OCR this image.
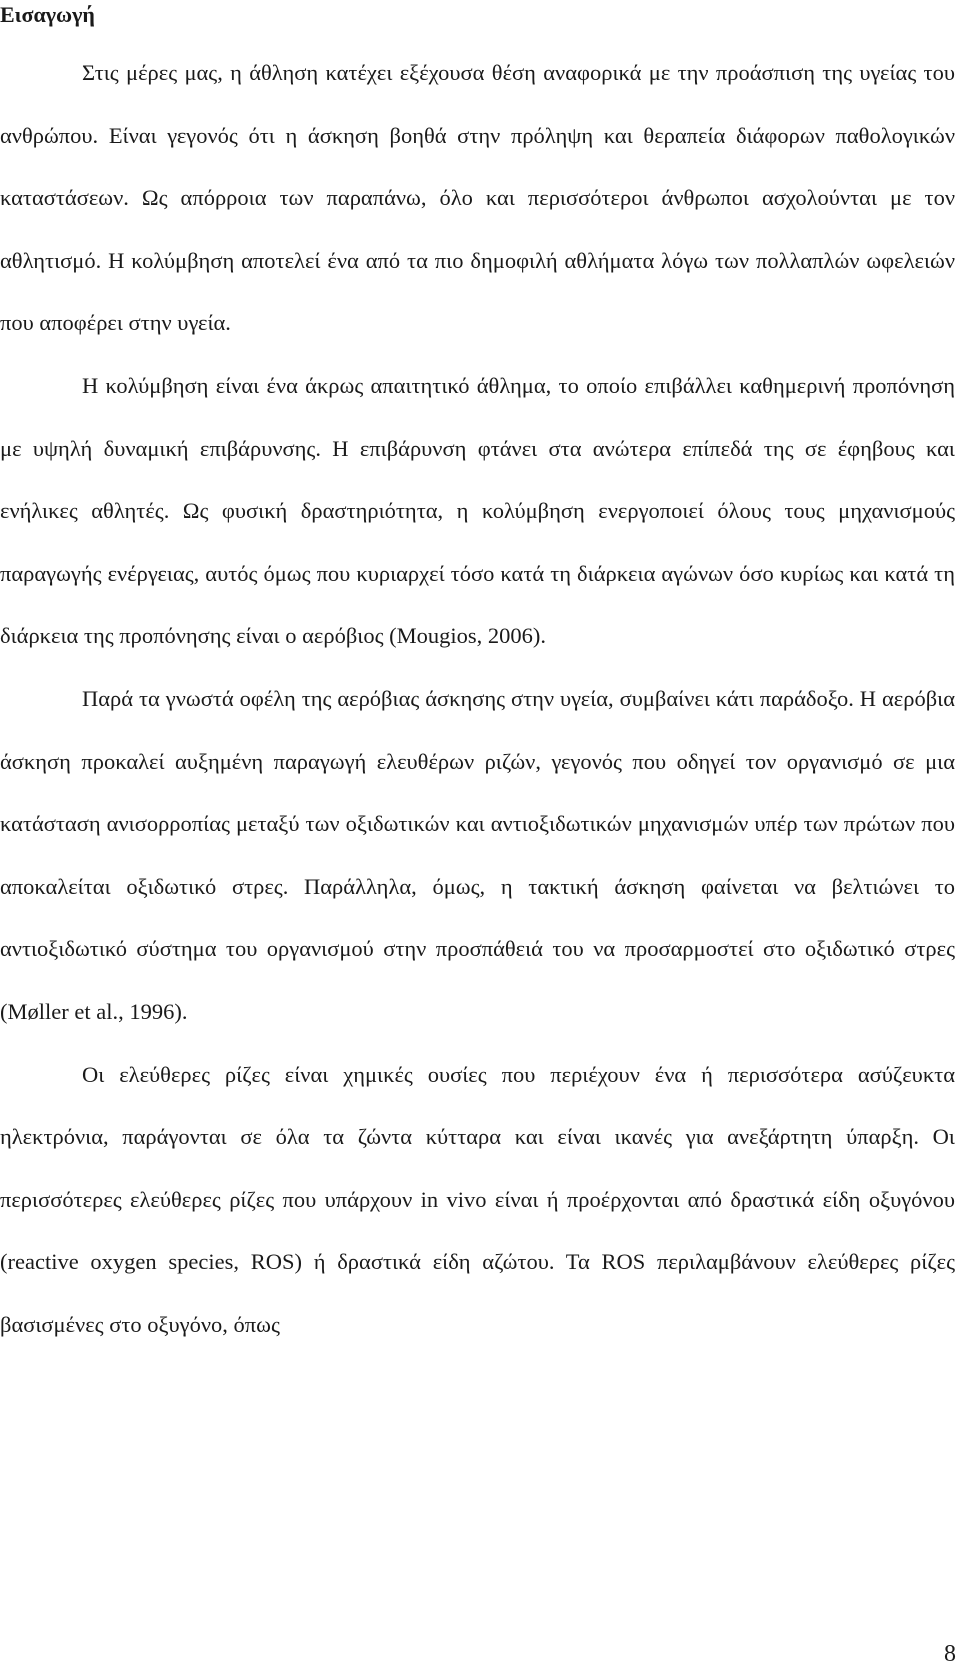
Εισαγωγή

Στις μέρες μας, η άθληση κατέχει εξέχουσα θέση αναφορικά με την προάσπιση της υγείας του ανθρώπου. Είναι γεγονός ότι η άσκηση βοηθά στην πρόληψη και θεραπεία διάφορων παθολογικών καταστάσεων. Ως απόρροια των παραπάνω, όλο και περισσότεροι άνθρωποι ασχολούνται με τον αθλητισμό. Η κολύμβηση αποτελεί ένα από τα πιο δημοφιλή αθλήματα λόγω των πολλαπλών ωφελειών που αποφέρει στην υγεία.

Η κολύμβηση είναι ένα άκρως απαιτητικό άθλημα, το οποίο επιβάλλει καθημερινή προπόνηση με υψηλή δυναμική επιβάρυνσης. Η επιβάρυνση φτάνει στα ανώτερα επίπεδά της σε έφηβους και ενήλικες αθλητές. Ως φυσική δραστηριότητα, η κολύμβηση ενεργοποιεί όλους τους μηχανισμούς παραγωγής ενέργειας, αυτός όμως που κυριαρχεί τόσο κατά τη διάρκεια αγώνων όσο κυρίως και κατά τη διάρκεια της προπόνησης είναι ο αερόβιος (Mougios, 2006).

Παρά τα γνωστά οφέλη της αερόβιας άσκησης στην υγεία, συμβαίνει κάτι παράδοξο. Η αερόβια άσκηση προκαλεί αυξημένη παραγωγή ελευθέρων ριζών, γεγονός που οδηγεί τον οργανισμό σε μια κατάσταση ανισορροπίας μεταξύ των οξιδωτικών και αντιοξιδωτικών μηχανισμών υπέρ των πρώτων που αποκαλείται οξιδωτικό στρες. Παράλληλα, όμως, η τακτική άσκηση φαίνεται να βελτιώνει το αντιοξιδωτικό σύστημα του οργανισμού στην προσπάθειά του να προσαρμοστεί στο οξιδωτικό στρες (Møller et al., 1996).

Οι ελεύθερες ρίζες είναι χημικές ουσίες που περιέχουν ένα ή περισσότερα ασύζευκτα ηλεκτρόνια, παράγονται σε όλα τα ζώντα κύτταρα και είναι ικανές για ανεξάρτητη ύπαρξη. Οι περισσότερες ελεύθερες ρίζες που υπάρχουν in vivo είναι ή προέρχονται από δραστικά είδη οξυγόνου (reactive oxygen species, ROS) ή δραστικά είδη αζώτου. Τα ROS περιλαμβάνουν ελεύθερες ρίζες βασισμένες στο οξυγόνο, όπως

8
